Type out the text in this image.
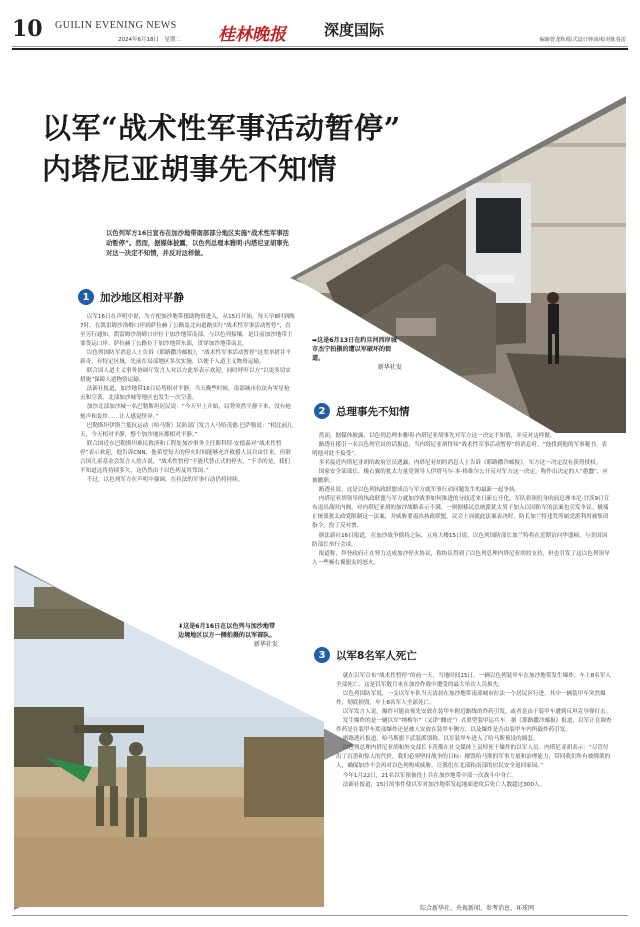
10 GUILIN EVENING NEWS
2024年6月18日　星期二 桂林晚报	深度国际
编辑曾龙辉/版式设计钟沛/校对陈春雷
以军“战术性军事活动暂停”
内塔尼亚胡事先不知情
以色列军方16日宣布在加沙地带南部部分地区实施“战术性军事活动暂停”。然而，据媒体披露，以色列总理本雅明·内塔尼亚胡事先对这一决定不知情，并反对这样做。
1	加沙地区相对平静

以军16日在声明中说，为方便加沙地带援助物资进入，从15日开始，每天早8时到晚7时，在凯雷姆沙洛姆口岸到萨拉赫丁公路及北向道路实行“战术性军事活动暂停”，直至另行通知。凯雷姆沙洛姆口岸位于加沙地带南部，与以色列接壤。是目前加沙地带主要货运口岸。萨拉赫丁公路位于加沙地带东部，贯穿加沙地带南北。

以色列国防军消息人士告诉《耶路撒冷邮报》，“战术性军事活动暂停”这类举措并不新奇，有特定区域，先前在局部地区多次实施，以便于人道主义物资运输。

联合国人道主义事务协调厅发言人对以方此举表示欢迎，同时呼吁以方“以更多切实措施”保障人道物资运输。

法新社报道，加沙地带16日局势相对平静。当天晚些时候，南部城市拉法有零星枪击和空袭，北部加沙城等地区也发生一次空袭。

加沙北部加沙城一名巴勒斯坦居民说：“今天早上开始，局势突然平静下来，没有枪炮声和轰炸……让人感觉怪异。”

巴勒斯坦伊斯兰抵抗运动（哈马斯）民防部门发言人马哈茂德·巴萨勒说：“相比前几天，今天相对平静，整个加沙地区都相对平静。”

联合国近东巴勒斯坦难民救济和工程处加沙事务主任斯科特·安德森对“战术性暂停”表示欢迎，他告诉CNN，他希望每天的停火时间能够允许救援人员自由往来，但联合国儿童基金会发言人詹吉说，“战术性暂停”不能代替正式的停火，“不幸的是，我们不知道这将持续多久，这仍然由于以色列及其邻国。”

不过，以色列军方在声明中强调，在拉法的军事行动仍将持续。

➡这是6月13日在约旦河西岸城市杰宁拍摄的遭以军破坏的街道。
新华社发
2	总理事先不知情

然而，据媒体披露，以色列总理本雅明·内塔尼亚胡事先对军方这一决定不知情，并反对这样做。

路透社援引一名以色列官员的话报道，当内塔尼亚胡得知“战术性军事活动暂停”的消息时，“他找到他的军事秘书，表明他对此不接受”。

多名接近内塔尼亚胡的政府官员透露，内塔尼亚胡的消息人士告诉《耶路撒冷邮报》，军方这一决定没有获得授权。

国家安全部部长、极右翼的犹太力量党领导人伊塔马尔·本-格维尔公开反对军方这一决定，称作出决定的人“愚蠢”，应被撤职。

路透社说，这是以色列执政联盟成员与军方就军事行动问题发生的最新一起争执。

内塔尼亚胡领导的执政联盟与军方就加沙战事如何推进的分歧近来日新公开化。军队将领们身的前总理本尼·甘茨9日宣布退出战时内阁，对内塔尼亚胡的加沙战略表示不满。一则据移民总统派犹太男子加入以国防军的法案也引发争议。极端正统派犹太政党限制这一法案，并威胁要退出执政联盟。议会上周就此法案表决时，防长加兰特违背所属党派利用被集团指令，投了反对票。

据法新社16日报道，在加沙战争僵持之际，五角大楼15日说，以色列国防部长加兰特将在近期访问华盛顿，与美国国防部长举行会谈。

报道称，拜登政府正在努力达成加沙停火协议，称协议得到了以色列总理内塔尼亚胡的支持，但也引发了这以色列领导人一些极右翼盟友的怒火。

⬇这是6月16日在以色列与加沙地带边境地区以方一侧拍摄的以军部队。
新华社发
3	以军8名军人死亡

就在以军宣布“战术性暂停”的前一天，当地时间15日，一辆以色列装甲车在加沙地带发生爆炸，车上8名军人全部死亡。这是以军数月来在加沙作战中遭受的最大单次人员损失。

以色列国防军说，一支以军车队当天清晨在加沙地带南部城市拉法一个居民区行进，其中一辆装甲车突然爆炸，彻底损毁，车上8名军人全部死亡。

以军发言人说，爆炸可能由预先安放在装甲车附近路线的炸药引发，或者是由于装甲车遭到反坦克导弹打击。

发生爆炸的是一辆以军“纳梅尔”（又译“雌虎”）式重型装甲运兵车。据《耶路撒冷邮报》报道，以军正在调查炸药是在装甲车底部爆炸还是被人安放在装甲车侧方，以及爆炸是否由装甲车内所载炸药引发。

据路透社报道，哈马斯旗下武装派别称，以军装甲车进入了哈马斯预设的圈套。

以色列总理内塔尼亚胡和外交部长卡茨都在社交媒体上哀悼死于爆炸的以军人员。内塔尼亚胡表示：“尽管付出了沉重和惊人的代价，我们必须坚持战争的目标：摧毁哈马斯的军事力量和治理能力，带回我们所有被绑架的人，确保加沙不会再对以色列构成威胁，让我们在北部和南部的居民安全返回家园。”

今年1月22日，21名以军预备役士兵在加沙地带中部一次战斗中身亡。

法新社报道，15日的事件使以军对加沙地带发起地面进攻后死亡人数超过300人。

综合新华社、央视新闻、参考消息、环球网
